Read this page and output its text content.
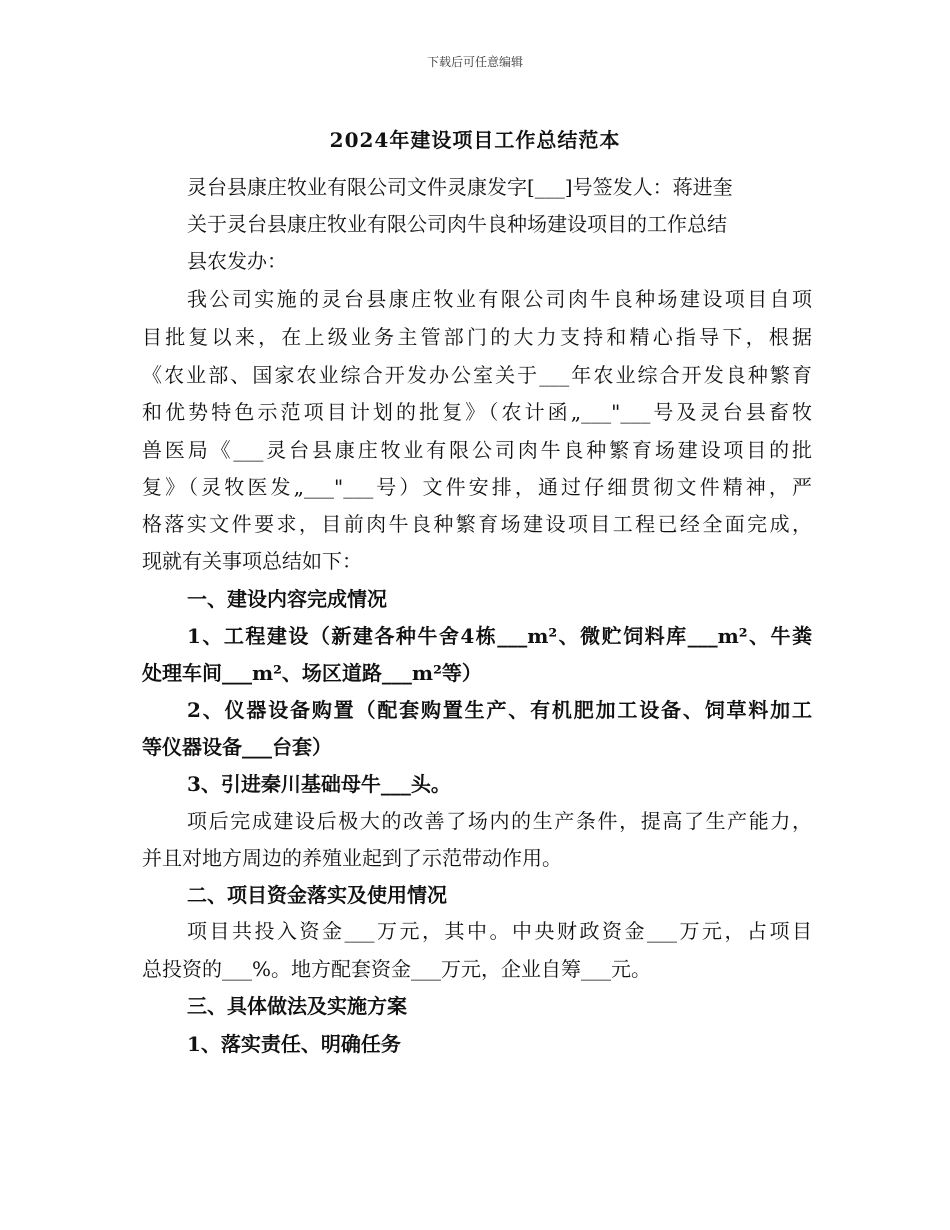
下载后可任意编辑
2024年建设项目工作总结范本
灵台县康庄牧业有限公司文件灵康发字[___]号签发人：蒋进奎
关于灵台县康庄牧业有限公司肉牛良种场建设项目的工作总结
县农发办：
我公司实施的灵台县康庄牧业有限公司肉牛良种场建设项目自项
目批复以来，在上级业务主管部门的大力支持和精心指导下，根据
《农业部、国家农业综合开发办公室关于___年农业综合开发良种繁育
和优势特色示范项目计划的批复》（农计函„___"___号及灵台县畜牧
兽医局《___灵台县康庄牧业有限公司肉牛良种繁育场建设项目的批
复》（灵牧医发„___"___号）文件安排，通过仔细贯彻文件精神，严
格落实文件要求，目前肉牛良种繁育场建设项目工程已经全面完成，
现就有关事项总结如下：
一、建设内容完成情况
1、工程建设（新建各种牛舍4栋___m²、微贮饲料库___m²、牛粪
处理车间___m²、场区道路___m²等）
2、仪器设备购置（配套购置生产、有机肥加工设备、饲草料加工
等仪器设备___台套）
3、引进秦川基础母牛___头。
项后完成建设后极大的改善了场内的生产条件，提高了生产能力，
并且对地方周边的养殖业起到了示范带动作用。
二、项目资金落实及使用情况
项目共投入资金___万元，其中。中央财政资金___万元，占项目
总投资的___%。地方配套资金___万元，企业自筹___元。
三、具体做法及实施方案
1、落实责任、明确任务
